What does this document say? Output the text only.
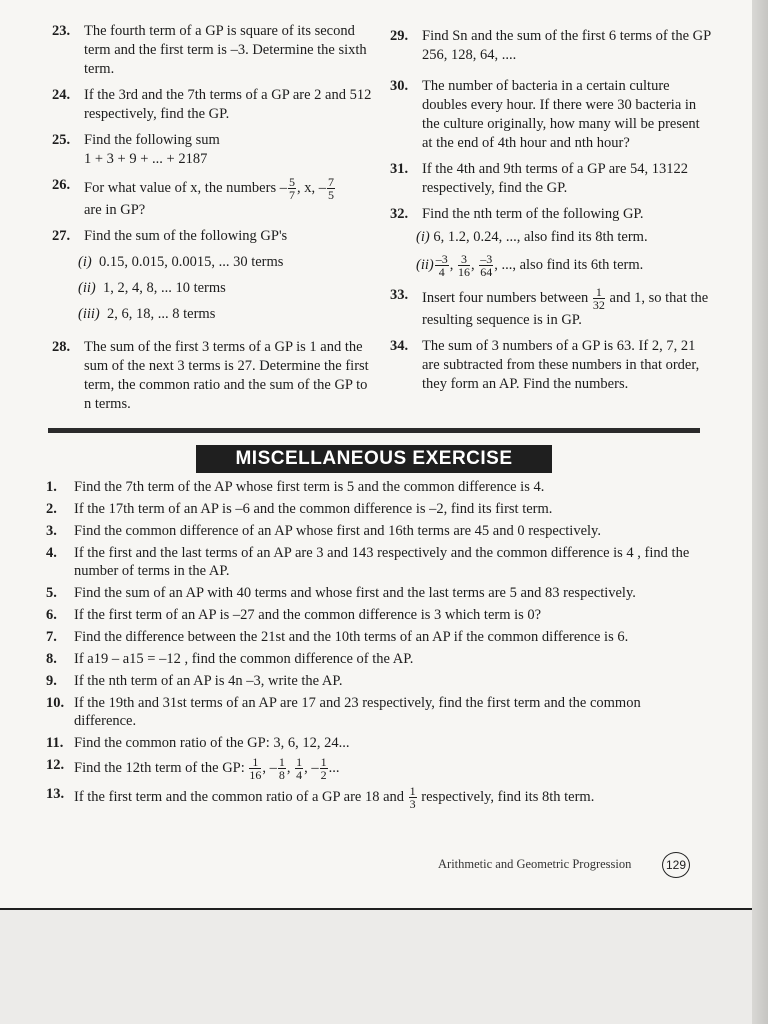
23. The fourth term of a GP is square of its second term and the first term is –3. Determine the sixth term.
24. If the 3rd and the 7th terms of a GP are 2 and 512 respectively, find the GP.
25. Find the following sum
1 + 3 + 9 + ... + 2187
26. For what value of x, the numbers – $\frac{5}{7}$ , x, – $\frac{7}{5}$
are in GP?
27. Find the sum of the following GP's
(i) 0.15, 0.015, 0.0015, ... 30 terms
(ii) 1, 2, 4, 8, ... 10 terms
(iii) 2, 6, 18, ... 8 terms
28. The sum of the first 3 terms of a GP is 1 and the sum of the next 3 terms is 27. Determine the first term, the common ratio and the sum of the GP to n terms.
29. Find Sn and the sum of the first 6 terms of the GP 256, 128, 64, ....
30. The number of bacteria in a certain culture doubles every hour. If there were 30 bacteria in the culture originally, how many will be present at the end of 4th hour and nth hour?
31. If the 4th and 9th terms of a GP are 54, 13122 respectively, find the GP.
32. Find the nth term of the following GP.
(i) 6, 1.2, 0.24, ..., also find its 8th term.
$(ii) \frac{-3}{4}$ , $\frac{3}{16}$ , $\frac{-3}{64}$ , ..., also find its 6th term.
33. Insert four numbers between $\frac{1}{32}$ and 1, so that the resulting sequence is in GP.
34. The sum of 3 numbers of a GP is 63. If 2, 7, 21 are subtracted from these numbers in that order, they form an AP. Find the numbers.
MISCELLANEOUS EXERCISE
1.	Find the 7th term of the AP whose first term is 5 and the common difference is 4.
2.	If the 17th term of an AP is –6 and the common difference is –2, find its first term.
3.	Find the common difference of an AP whose first and 16th terms are 45 and 0 respectively.
4.	If the first and the last terms of an AP are 3 and 143 respectively and the common difference is 4 , find the number of terms in the AP.
5.	Find the sum of an AP with 40 terms and whose first and the last terms are 5 and 83 respectively.
6.	If the first term of an AP is –27 and the common difference is 3 which term is 0?
7.	Find the difference between the 21st and the 10th terms of an AP if the common difference is 6.
8.	If a19 – a15 = –12 , find the common difference of the AP.
9.	If the nth term of an AP is 4n –3, write the AP.
10. If the 19th and 31st terms of an AP are 17 and 23 respectively, find the first term and the common difference.
11. Find the common ratio of the GP: 3, 6, 12, 24...
12. Find the 12th term of the GP: $\frac{1}{16}$ , – $\frac{1}{8}$ , $\frac{1}{4}$ , – $\frac{1}{2}$ ...
13. If the first term and the common ratio of a GP are 18 and $\frac{1}{3}$ respectively, find its 8th term.
Arithmetic and Geometric Progression	129
